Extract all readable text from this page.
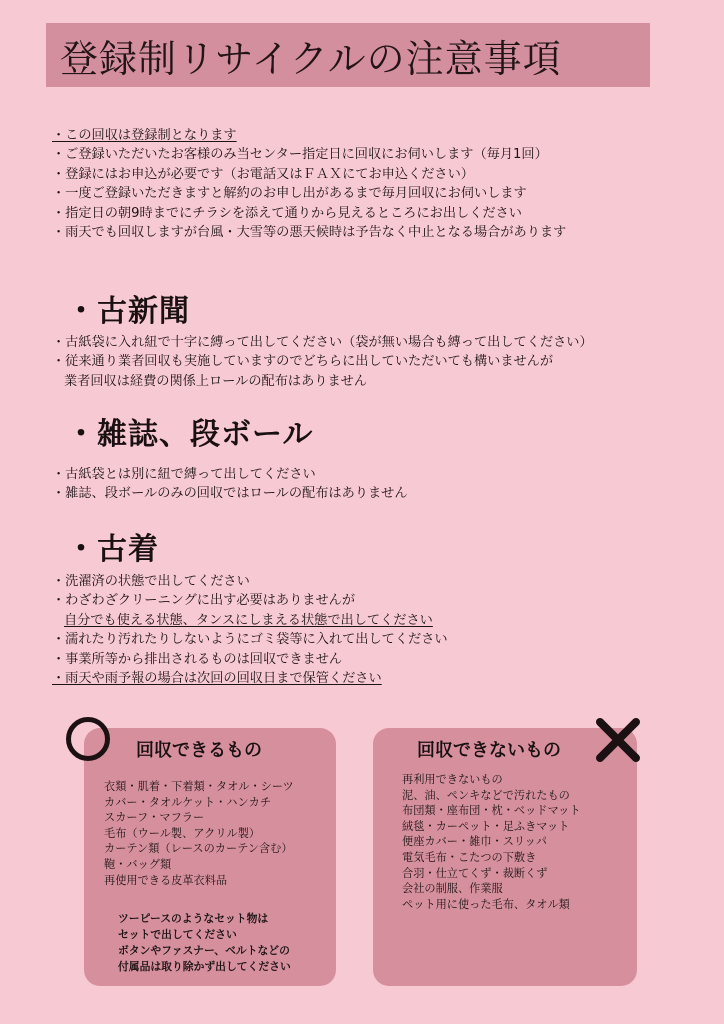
登録制リサイクルの注意事項
・この回収は登録制となります
・ご登録いただいたお客様のみ当センター指定日に回収にお伺いします（毎月1回）
・登録にはお申込が必要です（お電話又はＦＡＸにてお申込ください）
・一度ご登録いただきますと解約のお申し出があるまで毎月回収にお伺いします
・指定日の朝9時までにチラシを添えて通りから見えるところにお出しください
・雨天でも回収しますが台風・大雪等の悪天候時は予告なく中止となる場合があります
・古新聞
・古紙袋に入れ紐で十字に縛って出してください（袋が無い場合も縛って出してください）
・従来通り業者回収も実施していますのでどちらに出していただいても構いませんが
業者回収は経費の関係上ロールの配布はありません
・雑誌、段ボール
・古紙袋とは別に紐で縛って出してください
・雑誌、段ボールのみの回収ではロールの配布はありません
・古着
・洗濯済の状態で出してください
・わざわざクリーニングに出す必要はありませんが
自分でも使える状態、タンスにしまえる状態で出してください
・濡れたり汚れたりしないようにゴミ袋等に入れて出してください
・事業所等から排出されるものは回収できません
・雨天や雨予報の場合は次回の回収日まで保管ください

回収できるもの

衣類・肌着・下着類・タオル・シーツ
カバー・タオルケット・ハンカチ
スカーフ・マフラー
毛布（ウール製、アクリル製）
カーテン類（レースのカーテン含む）
鞄・バッグ類
再使用できる皮革衣料品
ツーピースのようなセット物は
セットで出してください
ボタンやファスナー、ベルトなどの
付属品は取り除かず出してください

回収できないもの

再利用できないもの
泥、油、ペンキなどで汚れたもの
布団類・座布団・枕・ベッドマット
絨毯・カーペット・足ふきマット
便座カバー・雑巾・スリッパ
電気毛布・こたつの下敷き
合羽・仕立てくず・裁断くず
会社の制服、作業服
ペット用に使った毛布、タオル類
